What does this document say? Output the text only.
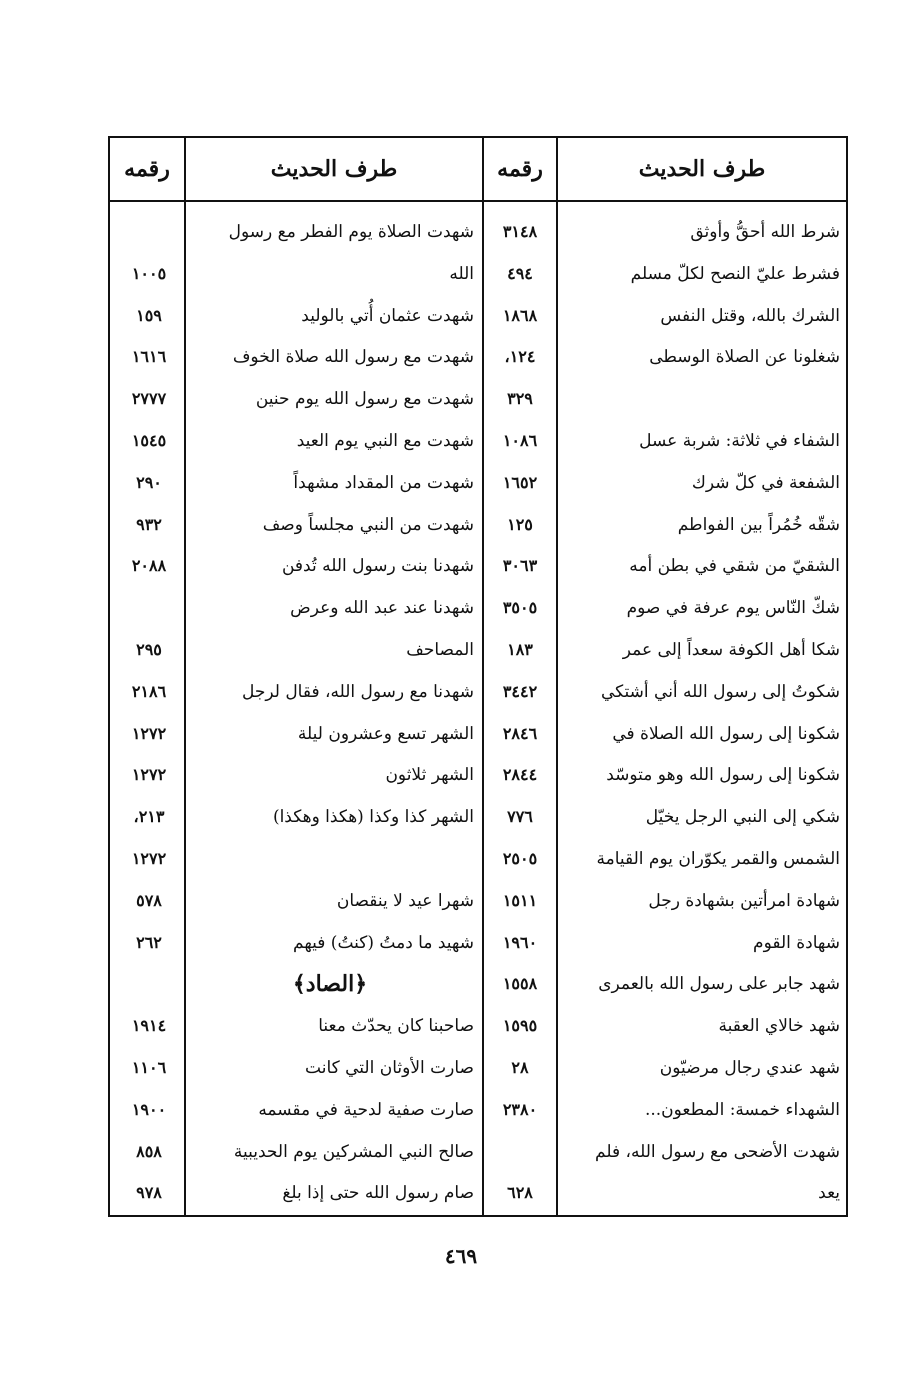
طرف الحديث
رقمه
طرف الحديث
رقمه
شرط الله أحقُّ وأوثق
٣١٤٨
شهدت الصلاة يوم الفطر مع رسول
فشرط عليّ النصح لكلّ مسلم
٤٩٤
الله
١٠٠٥
الشرك بالله، وقتل النفس
١٨٦٨
شهدت عثمان أُتي بالوليد
١٥٩
شغلونا عن الصلاة الوسطى
١٢٤،
شهدت مع رسول الله صلاة الخوف
١٦١٦
٣٢٩
شهدت مع رسول الله يوم حنين
٢٧٧٧
الشفاء في ثلاثة: شربة عسل
١٠٨٦
شهدت مع النبي يوم العيد
١٥٤٥
الشفعة في كلّ شرك
١٦٥٢
شهدت من المقداد مشهداً
٢٩٠
شقّه خُمُراً بين الفواطم
١٢٥
شهدت من النبي مجلساً وصف
٩٣٢
الشقيّ من شقي في بطن أمه
٣٠٦٣
شهدنا بنت رسول الله تُدفن
٢٠٨٨
شكّ النّاس يوم عرفة في صوم
٣٥٠٥
شهدنا عند عبد الله وعرض
شكا أهل الكوفة سعداً إلى عمر
١٨٣
المصاحف
٢٩٥
شكوتُ إلى رسول الله أني أشتكي
٣٤٤٢
شهدنا مع رسول الله، فقال لرجل
٢١٨٦
شكونا إلى رسول الله الصلاة في
٢٨٤٦
الشهر تسع وعشرون ليلة
١٢٧٢
شكونا إلى رسول الله وهو متوسّد
٢٨٤٤
الشهر ثلاثون
١٢٧٢
شكي إلى النبي الرجل يخيّل
٧٧٦
الشهر كذا وكذا (هكذا وهكذا)
٢١٣،
الشمس والقمر يكوّران يوم القيامة
٢٥٠٥
١٢٧٢
شهادة امرأتين بشهادة رجل
١٥١١
شهرا عيد لا ينقصان
٥٧٨
شهادة القوم
١٩٦٠
شهيد ما دمتُ (كنتُ) فيهم
٢٦٢
شهد جابر على رسول الله بالعمرى
١٥٥٨
﴿الصاد﴾
شهد خالاي العقبة
١٥٩٥
صاحبنا كان يحدّث معنا
١٩١٤
شهد عندي رجال مرضيّون
٢٨
صارت الأوثان التي كانت
١١٠٦
الشهداء خمسة: المطعون...
٢٣٨٠
صارت صفية لدحية في مقسمه
١٩٠٠
شهدت الأضحى مع رسول الله، فلم
صالح النبي المشركين يوم الحديبية
٨٥٨
يعد
٦٢٨
صام رسول الله حتى إذا بلغ
٩٧٨
٤٦٩
